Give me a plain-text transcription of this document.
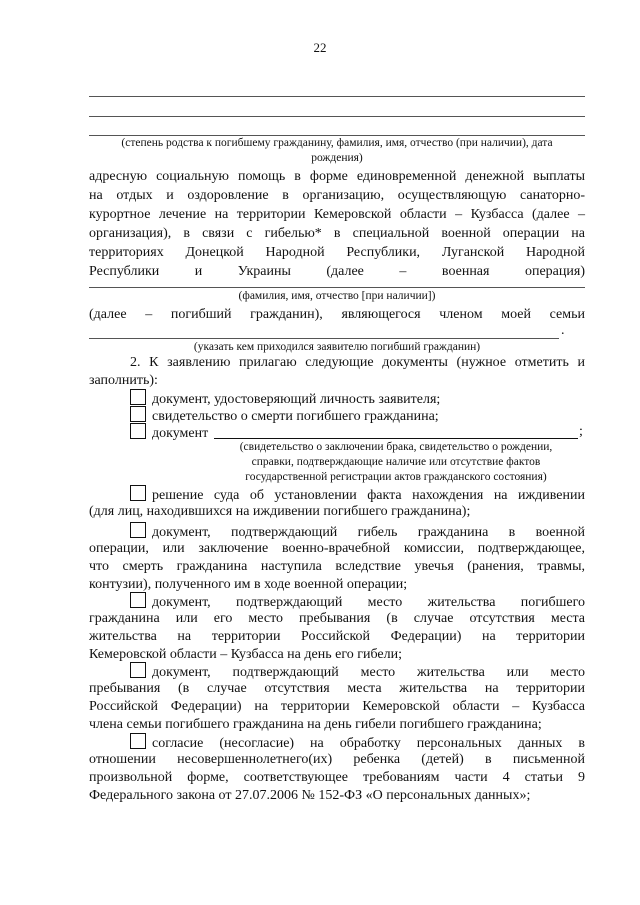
22
(степень родства к погибшему гражданину, фамилия, имя, отчество (при наличии), дата
рождения)
адресную социальную помощь в форме единовременной денежной выплаты
на отдых и оздоровление в организацию, осуществляющую санаторно-
курортное лечение на территории Кемеровской области – Кузбасса (далее –
организация), в связи с гибелью* в специальной военной операции на
территориях Донецкой Народной Республики, Луганской Народной
Республики и Украины (далее – военная операция)
(фамилия, имя, отчество [при наличии])
(далее – погибший гражданин), являющегося членом моей семьи
.
(указать кем приходился заявителю погибший гражданин)
2. К заявлению прилагаю следующие документы (нужное отметить и
заполнить):
документ, удостоверяющий личность заявителя;
свидетельство о смерти погибшего гражданина;
документ	;
(свидетельство о заключении брака, свидетельство о рождении,
справки, подтверждающие наличие или отсутствие фактов
государственной регистрации актов гражданского состояния)
решение суда об установлении факта нахождения на иждивении
(для лиц, находившихся на иждивении погибшего гражданина);
документ, подтверждающий гибель гражданина в военной
операции, или заключение военно-врачебной комиссии, подтверждающее,
что смерть гражданина наступила вследствие увечья (ранения, травмы,
контузии), полученного им в ходе военной операции;
документ, подтверждающий место жительства погибшего
гражданина или его место пребывания (в случае отсутствия места
жительства на территории Российской Федерации) на территории
Кемеровской области – Кузбасса на день его гибели;
документ, подтверждающий место жительства или место
пребывания (в случае отсутствия места жительства на территории
Российской Федерации) на территории Кемеровской области – Кузбасса
члена семьи погибшего гражданина на день гибели погибшего гражданина;
согласие (несогласие) на обработку персональных данных в
отношении несовершеннолетнего(их) ребенка (детей) в письменной
произвольной форме, соответствующее требованиям части 4 статьи 9
Федерального закона от 27.07.2006 № 152-ФЗ «О персональных данных»;
